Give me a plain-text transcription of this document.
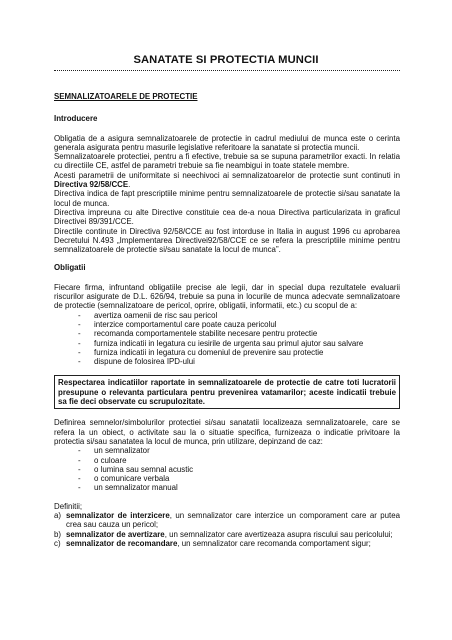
SANATATE SI PROTECTIA MUNCII

SEMNALIZATOARELE DE PROTECTIE

Introducere

Obligatia de a asigura semnalizatoarele de protectie in cadrul mediului de munca este o cerinta generala asigurata pentru masurile legislative referitoare la sanatate si protectia muncii.

Semnalizatoarele protectiei, pentru a fi efective, trebuie sa se supuna parametrilor exacti. In relatia cu directiile CE, astfel de parametri trebuie sa fie neambigui in toate statele membre.

Acesti parametrii de uniformitate si neechivoci ai semnalizatoarelor de protectie sunt continuti in Directiva 92/58/CCE.

Directiva indica de fapt prescriptiile minime pentru semnalizatoarele de protectie si/sau sanatate la locul de munca.

Directiva impreuna cu alte Directive constituie cea de-a noua Directiva particularizata in graficul Directivei 89/391/CCE.

Directile continute in Directiva 92/58/CCE au fost intorduse in Italia in august 1996 cu aprobarea Decretului N.493 „Implementarea Directivei92/58/CCE ce se refera la prescriptiile minime pentru semnalizatoarele de protectie si/sau sanatate la locul de munca”.

Obligatii

Fiecare firma, infruntand obligatiile precise ale legii, dar in special dupa rezultatele evaluarii riscurilor asigurate de D.L. 626/94, trebuie sa puna in locurile de munca adecvate semnalizatoare de protectie (semnalizatoare de pericol, oprire, obligatii, informatii, etc.) cu scopul de a:

- avertiza oamenii de risc sau pericol
- interzice comportamentul care poate cauza pericolul
- recomanda comportamentele stabilite necesare pentru protectie
- furniza indicatii in legatura cu iesirile de urgenta sau primul ajutor sau salvare
- furniza indicatii in legatura cu domeniul de prevenire sau protectie
- dispune de folosirea IPD-ului

Respectarea indicatiilor raportate in semnalizatoarele de protectie de catre toti lucratorii presupune o relevanta particulara pentru prevenirea vatamarilor; aceste indicatii trebuie sa fie deci observate cu scrupulozitate.

Definirea semnelor/simbolurilor protectiei si/sau sanatatii localizeaza semnalizatoarele, care se refera la un obiect, o activitate sau la o situatie specifica, furnizeaza o indicatie privitoare la protectia si/sau sanatatea la locul de munca, prin utilizare, depinzand de caz:

- un semnalizator
- o culoare
- o lumina sau semnal acustic
- o comunicare verbala
- un semnalizator manual

Definitii;

a) semnalizator de interzicere, un semnalizator care interzice un comporament care ar putea crea sau cauza un pericol;
b) semnalizator de avertizare, un semnalizator care avertizeaza asupra riscului sau pericolului;
c) semnalizator de recomandare, un semnalizator care recomanda comportament sigur;
